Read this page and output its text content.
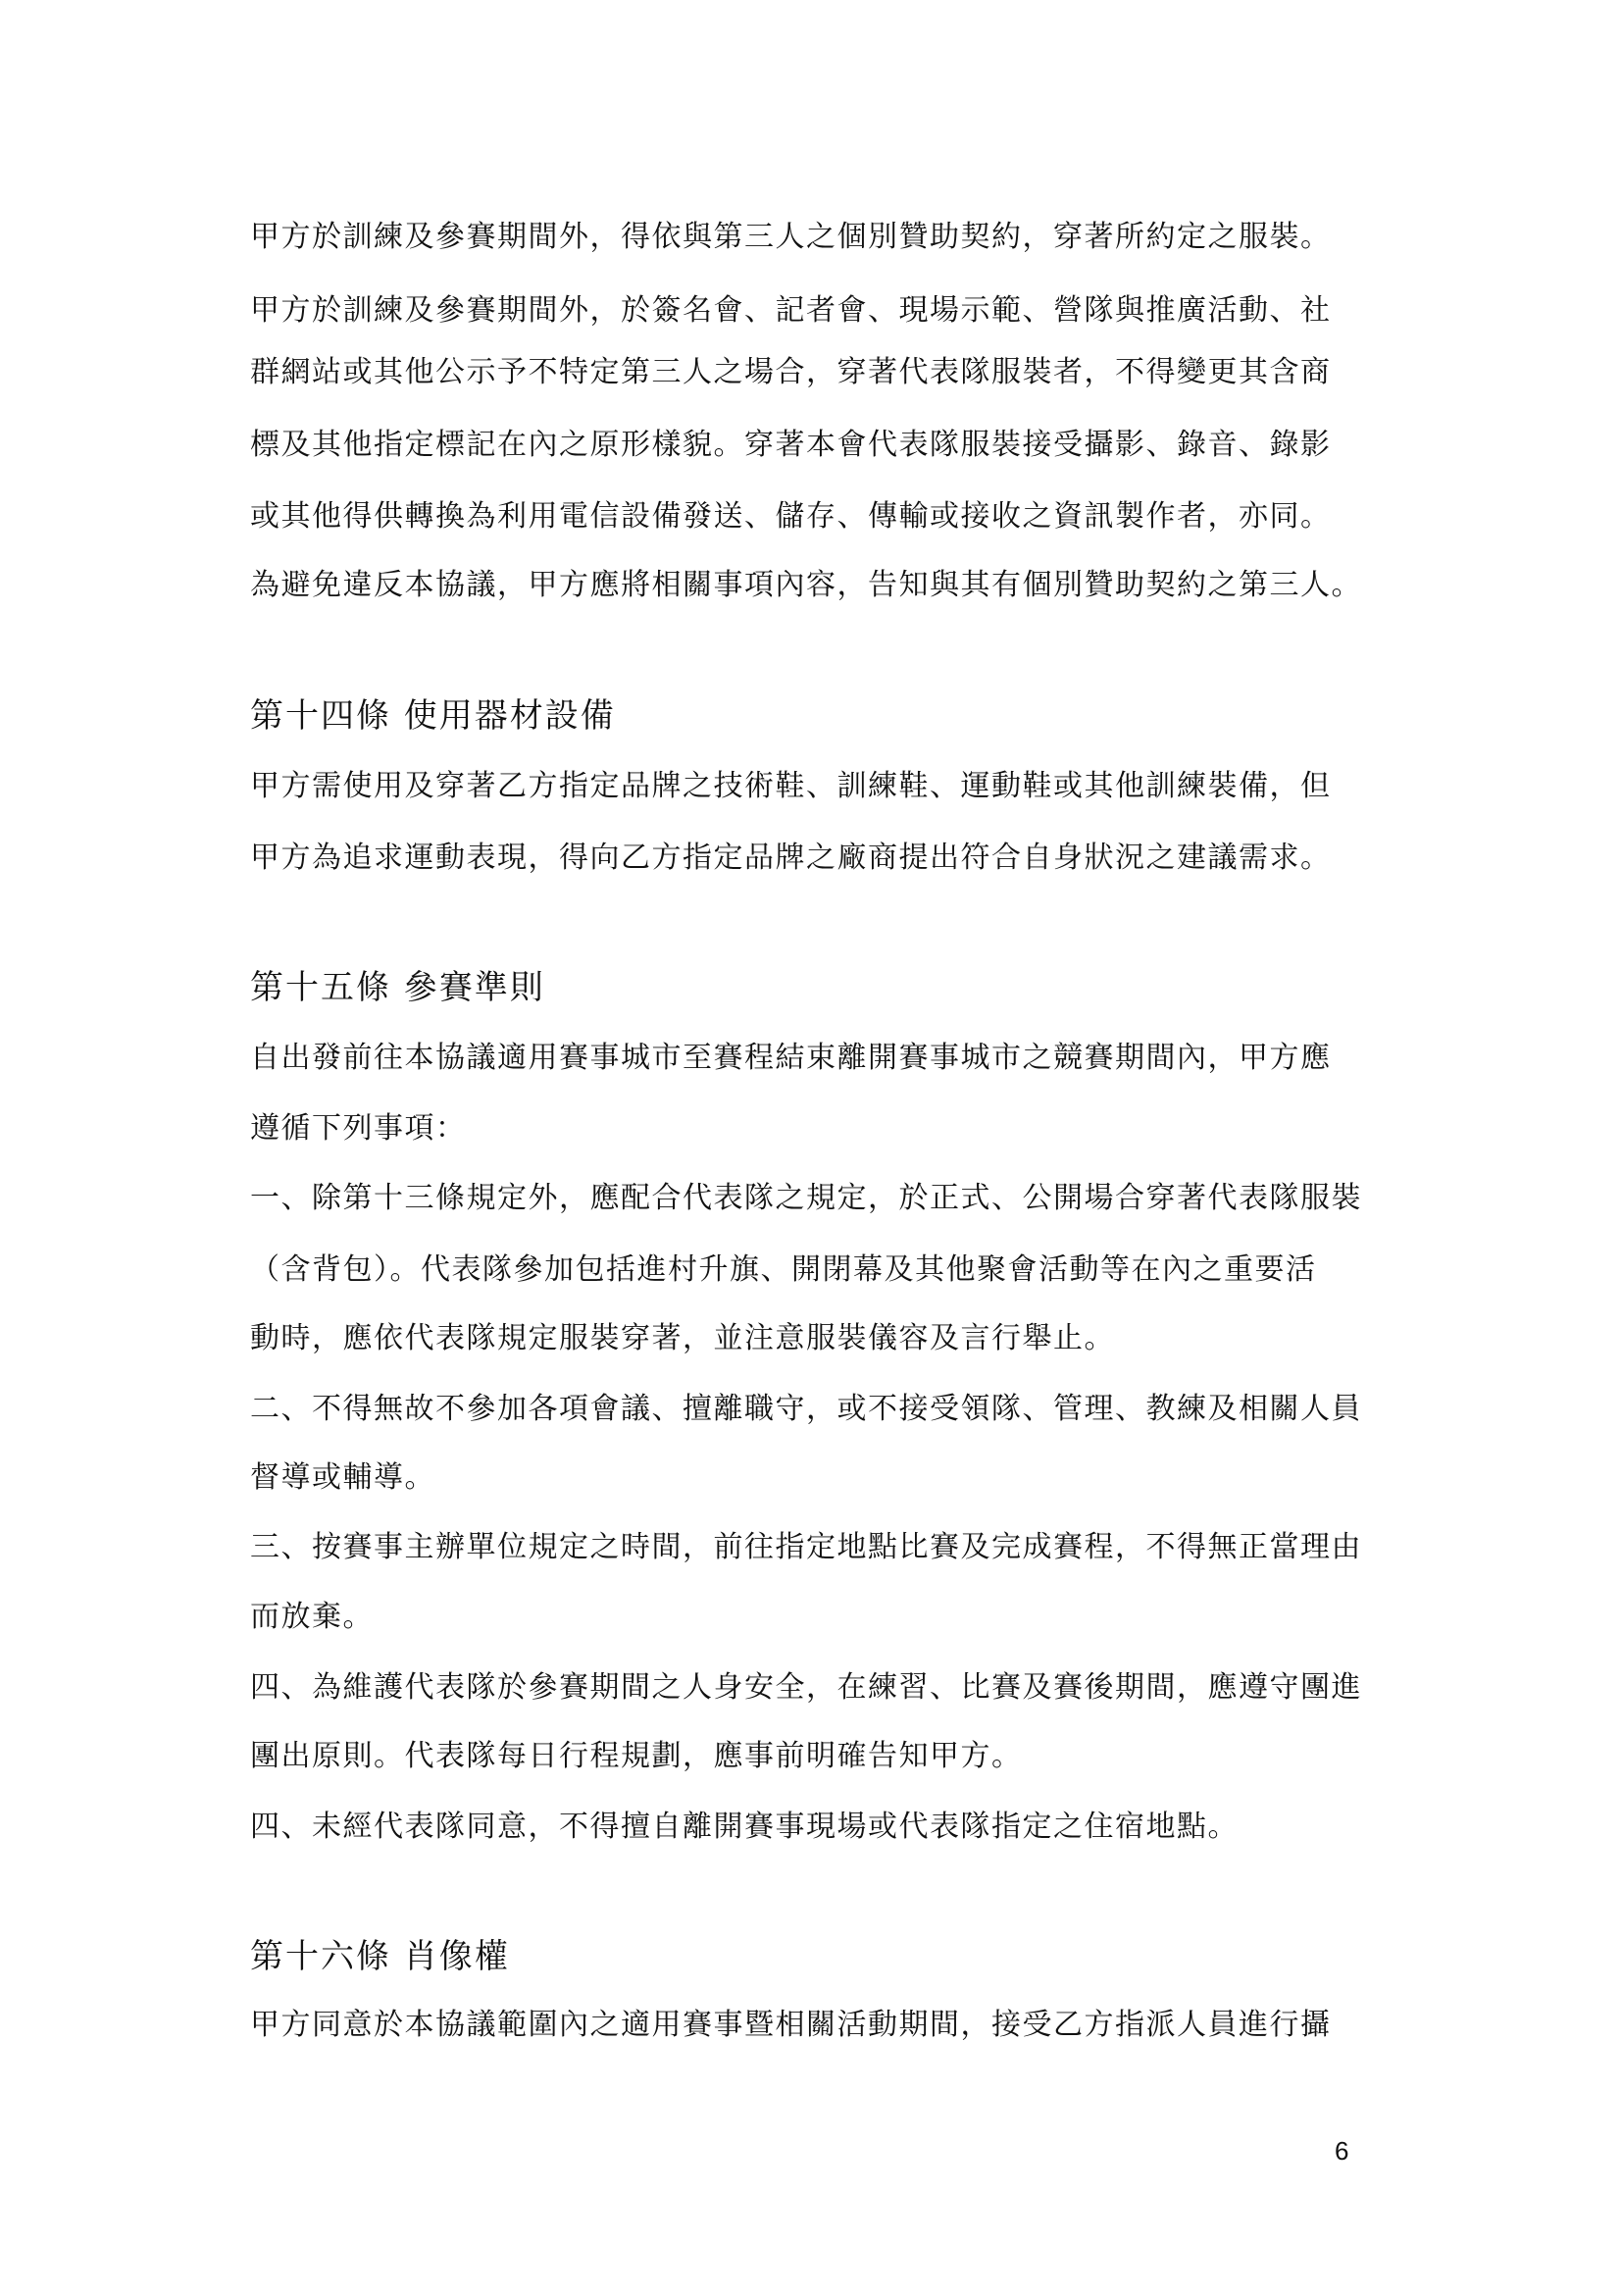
甲方於訓練及參賽期間外，得依與第三人之個別贊助契約，穿著所約定之服裝。
甲方於訓練及參賽期間外，於簽名會、記者會、現場示範、營隊與推廣活動、社
群網站或其他公示予不特定第三人之場合，穿著代表隊服裝者，不得變更其含商
標及其他指定標記在內之原形樣貌。穿著本會代表隊服裝接受攝影、錄音、錄影
或其他得供轉換為利用電信設備發送、儲存、傳輸或接收之資訊製作者，亦同。
為避免違反本協議，甲方應將相關事項內容，告知與其有個別贊助契約之第三人。
第十四條 使用器材設備
甲方需使用及穿著乙方指定品牌之技術鞋、訓練鞋、運動鞋或其他訓練裝備，但
甲方為追求運動表現，得向乙方指定品牌之廠商提出符合自身狀況之建議需求。
第十五條 參賽準則
自出發前往本協議適用賽事城市至賽程結束離開賽事城市之競賽期間內，甲方應
遵循下列事項：
一、除第十三條規定外，應配合代表隊之規定，於正式、公開場合穿著代表隊服裝
（含背包）。代表隊參加包括進村升旗、開閉幕及其他聚會活動等在內之重要活
動時，應依代表隊規定服裝穿著，並注意服裝儀容及言行舉止。
二、不得無故不參加各項會議、擅離職守，或不接受領隊、管理、教練及相關人員
督導或輔導。
三、按賽事主辦單位規定之時間，前往指定地點比賽及完成賽程，不得無正當理由
而放棄。
四、為維護代表隊於參賽期間之人身安全，在練習、比賽及賽後期間，應遵守團進
團出原則。代表隊每日行程規劃，應事前明確告知甲方。
四、未經代表隊同意，不得擅自離開賽事現場或代表隊指定之住宿地點。
第十六條 肖像權
甲方同意於本協議範圍內之適用賽事暨相關活動期間，接受乙方指派人員進行攝
6
